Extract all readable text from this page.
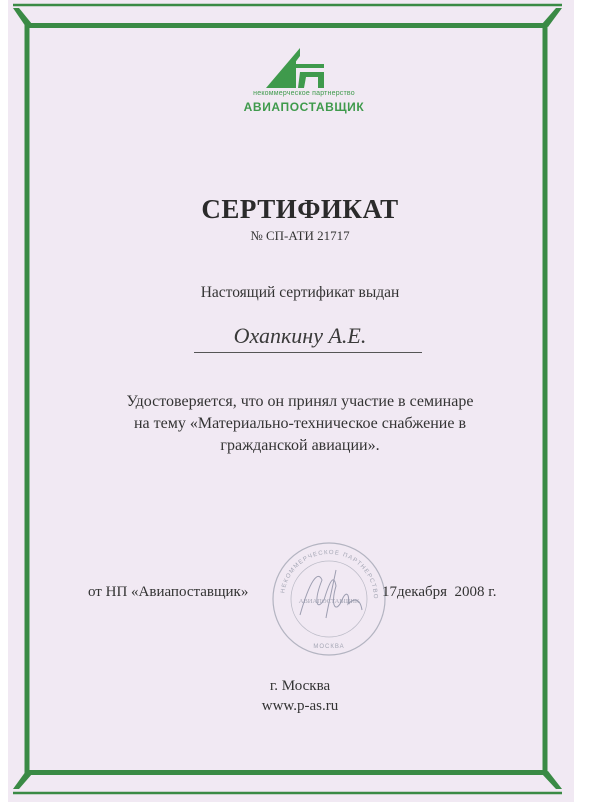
некоммерческое партнерство
АВИАПОСТАВЩИК
СЕРТИФИКАТ
№ СП-АТИ 21717
Настоящий сертификат выдан
Охапкину А.Е.
Удостоверяется, что он принял участие в семинаре
на тему «Материально-техническое снабжение в
гражданской авиации».
НЕКОММЕРЧЕСКОЕ ПАРТНЕРСТВО
АВИАПОСТАВЩИК
МОСКВА
от НП «Авиапоставщик»	17декабря  2008 г.
г. Москва
www.p-as.ru
